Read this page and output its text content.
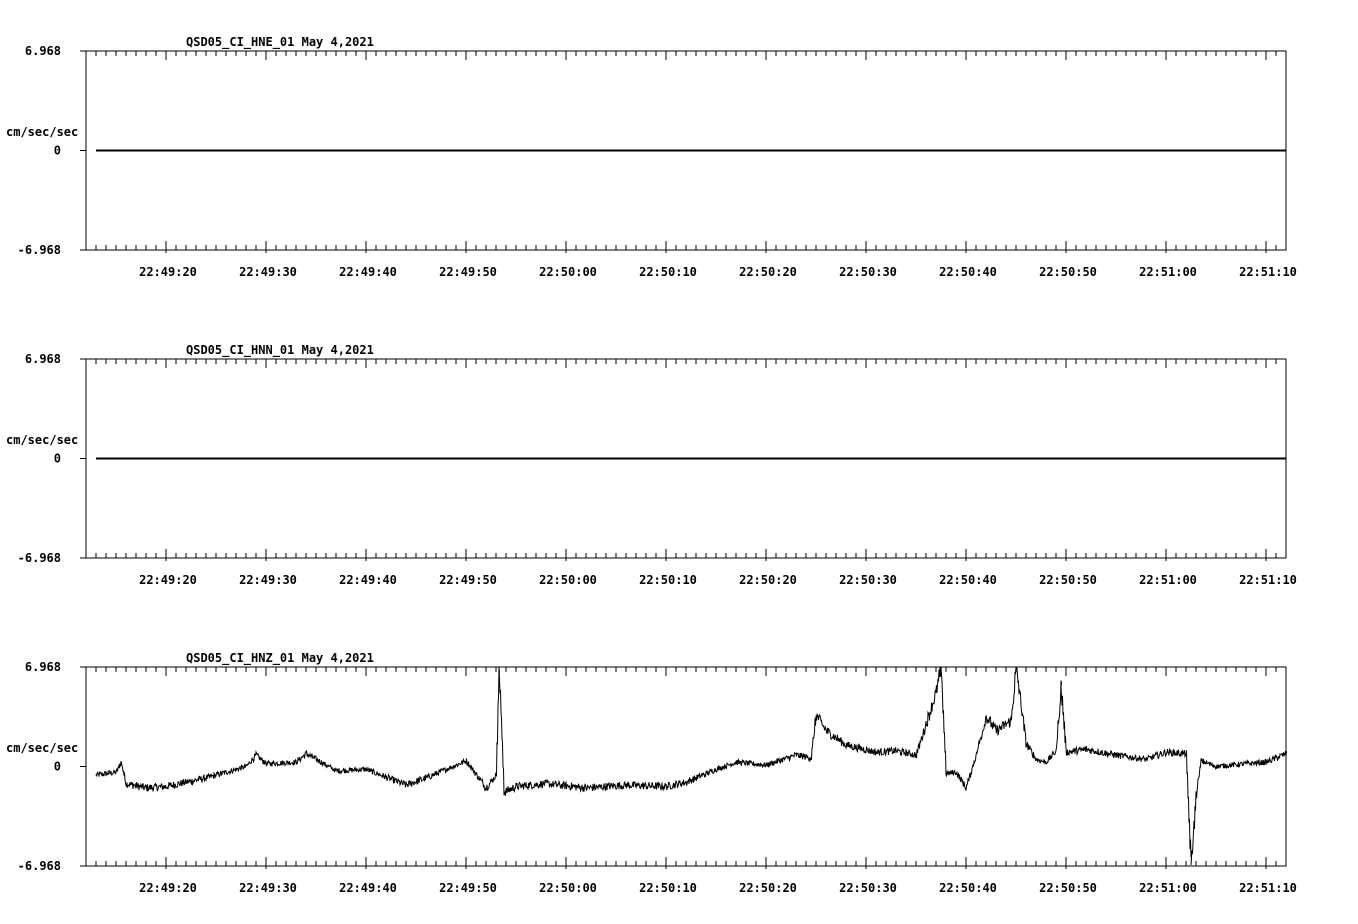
QSD05_CI_HNE_01 May 4,2021
cm/sec/sec
6.968
0
-6.968
22:49:20	22:49:30	22:49:40	22:49:50	22:50:00	22:50:10	22:50:20	22:50:30	22:50:40	22:50:50	22:51:00	22:51:10
QSD05_CI_HNN_01 May 4,2021
cm/sec/sec
6.968
0
-6.968
22:49:20	22:49:30	22:49:40	22:49:50	22:50:00	22:50:10	22:50:20	22:50:30	22:50:40	22:50:50	22:51:00	22:51:10
QSD05_CI_HNZ_01 May 4,2021
cm/sec/sec
6.968
0
-6.968
22:49:20	22:49:30	22:49:40	22:49:50	22:50:00	22:50:10	22:50:20	22:50:30	22:50:40	22:50:50	22:51:00	22:51:10
